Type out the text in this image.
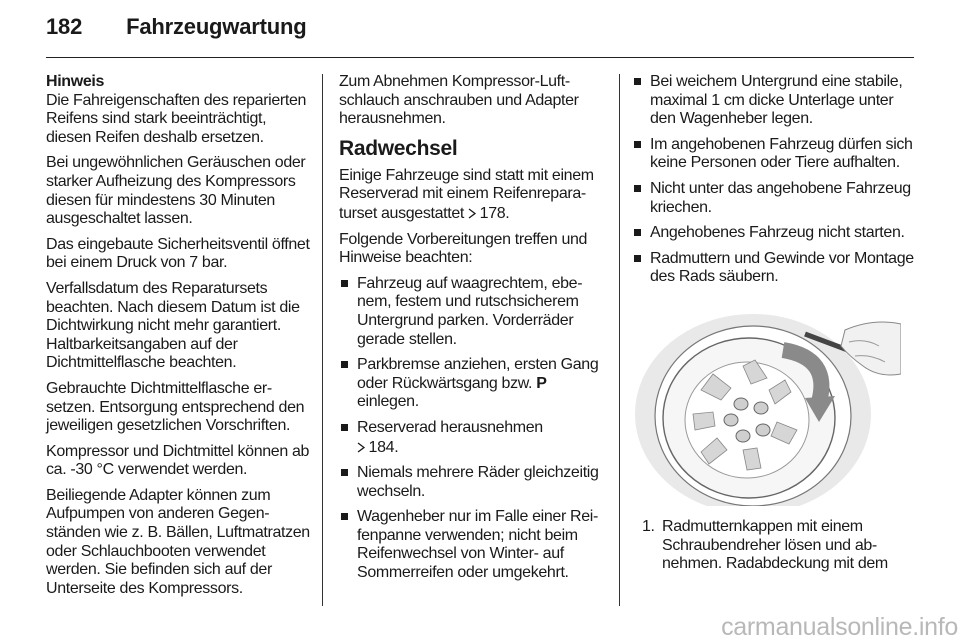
182 Fahrzeugwartung

Hinweis

Die Fahreigenschaften des reparierten Reifens sind stark beeinträchtigt, diesen Reifen deshalb ersetzen.

Bei ungewöhnlichen Geräuschen oder starker Aufheizung des Kompressors diesen für mindestens 30 Minuten ausgeschaltet lassen.

Das eingebaute Sicherheitsventil öffnet bei einem Druck von 7 bar.

Verfallsdatum des Reparatursets beachten. Nach diesem Datum ist die Dichtwirkung nicht mehr garantiert. Haltbarkeitsangaben auf der Dichtmittelflasche beachten.

Gebrauchte Dichtmittelflasche ersetzen. Entsorgung entsprechend den jeweiligen gesetzlichen Vorschriften.

Kompressor und Dichtmittel können ab ca. -30 °C verwendet werden.

Beiliegende Adapter können zum Aufpumpen von anderen Gegenständen wie z. B. Bällen, Luftmatratzen oder Schlauchbooten verwendet werden. Sie befinden sich auf der Unterseite des Kompressors.

Zum Abnehmen Kompressor-Luftschlauch anschrauben und Adapter herausnehmen.

Radwechsel

Einige Fahrzeuge sind statt mit einem Reserverad mit einem Reifenreparaturset ausgestattet 178.

Folgende Vorbereitungen treffen und Hinweise beachten:

Fahrzeug auf waagrechtem, ebenem, festem und rutschsicherem Untergrund parken. Vorderräder gerade stellen.
Parkbremse anziehen, ersten Gang oder Rückwärtsgang bzw. P einlegen.
Reserverad herausnehmen
184.
Niemals mehrere Räder gleichzeitig wechseln.
Wagenheber nur im Falle einer Reifenpanne verwenden; nicht beim Reifenwechsel von Winter- auf Sommerreifen oder umgekehrt.
Bei weichem Untergrund eine stabile, maximal 1 cm dicke Unterlage unter den Wagenheber legen.
Im angehobenen Fahrzeug dürfen sich keine Personen oder Tiere aufhalten.
Nicht unter das angehobene Fahrzeug kriechen.
Angehobenes Fahrzeug nicht starten.
Radmuttern und Gewinde vor Montage des Rads säubern.
1. Radmutternkappen mit einem Schraubendreher lösen und abnehmen. Radabdeckung mit dem
carmanualsonline.info
